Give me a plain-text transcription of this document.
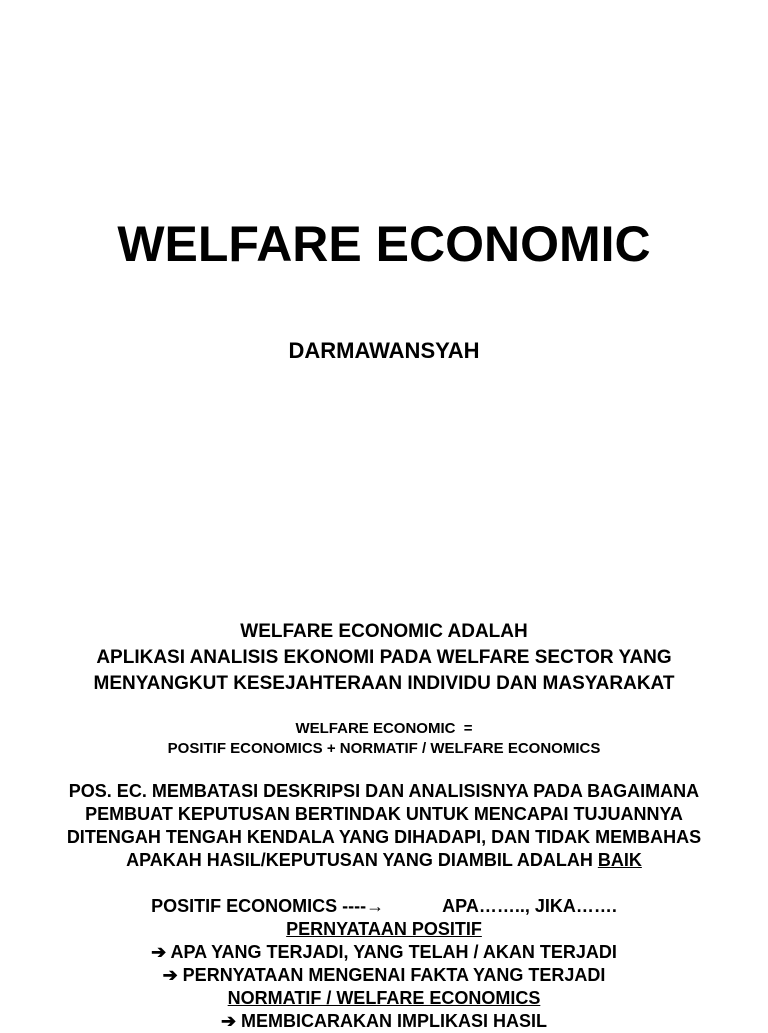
WELFARE ECONOMIC
DARMAWANSYAH
WELFARE ECONOMIC ADALAH
APLIKASI ANALISIS EKONOMI PADA WELFARE SECTOR YANG
MENYANGKUT KESEJAHTERAAN INDIVIDU DAN MASYARAKAT
WELFARE ECONOMIC  =
POSITIF ECONOMICS + NORMATIF / WELFARE ECONOMICS
POS. EC. MEMBATASI DESKRIPSI DAN ANALISISNYA PADA BAGAIMANA
PEMBUAT KEPUTUSAN BERTINDAK UNTUK MENCAPAI TUJUANNYA
DITENGAH TENGAH KENDALA YANG DIHADAPI, DAN TIDAK MEMBAHAS
APAKAH HASIL/KEPUTUSAN YANG DIAMBIL ADALAH BAIK
POSITIF ECONOMICS ----→	APA…….., JIKA…….
PERNYATAAN POSITIF
➔ APA YANG TERJADI, YANG TELAH / AKAN TERJADI
➔ PERNYATAAN MENGENAI FAKTA YANG TERJADI
NORMATIF / WELFARE ECONOMICS
➔ MEMBICARAKAN IMPLIKASI HASIL
